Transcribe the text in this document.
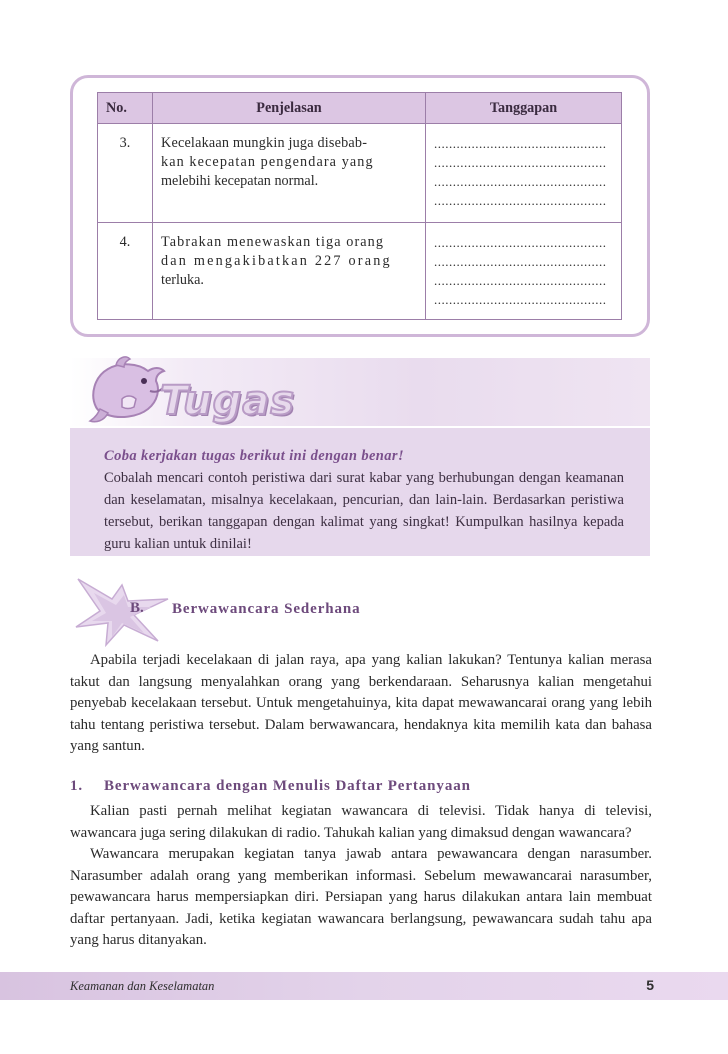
No.	Penjelasan	Tanggapan
3.	Kecelakaan mungkin juga disebab-
kan kecepatan pengendara yang
melebihi kecepatan normal.	..............................................
..............................................
..............................................
..............................................

4.	Tabrakan menewaskan tiga orang
dan mengakibatkan 227 orang
terluka.	..............................................
..............................................
..............................................
..............................................
Tugas
Coba kerjakan tugas berikut ini dengan benar!
Cobalah mencari contoh peristiwa dari surat kabar yang berhubungan dengan keamanan dan keselamatan, misalnya kecelakaan, pencurian, dan lain-lain. Berdasarkan peristiwa tersebut, berikan tanggapan dengan kalimat yang singkat! Kumpulkan hasilnya kepada guru kalian untuk dinilai!
B. Berwawancara Sederhana

Apabila terjadi kecelakaan di jalan raya, apa yang kalian lakukan? Tentunya kalian merasa takut dan langsung menyalahkan orang yang berkendaraan. Seharusnya kalian mengetahui penyebab kecelakaan tersebut. Untuk mengetahuinya, kita dapat mewawancarai orang yang lebih tahu tentang peristiwa tersebut. Dalam berwawancara, hendaknya kita memilih kata dan bahasa yang santun.

1. Berwawancara dengan Menulis Daftar Pertanyaan

Kalian pasti pernah melihat kegiatan wawancara di televisi. Tidak hanya di televisi, wawancara juga sering dilakukan di radio. Tahukah kalian yang dimaksud dengan wawancara?

Wawancara merupakan kegiatan tanya jawab antara pewawancara dengan narasumber. Narasumber adalah orang yang memberikan informasi. Sebelum mewawancarai narasumber, pewawancara harus mempersiapkan diri. Persiapan yang harus dilakukan antara lain membuat daftar pertanyaan. Jadi, ketika kegiatan wawancara berlangsung, pewawancara sudah tahu apa yang harus ditanyakan.

Keamanan dan Keselamatan	5
